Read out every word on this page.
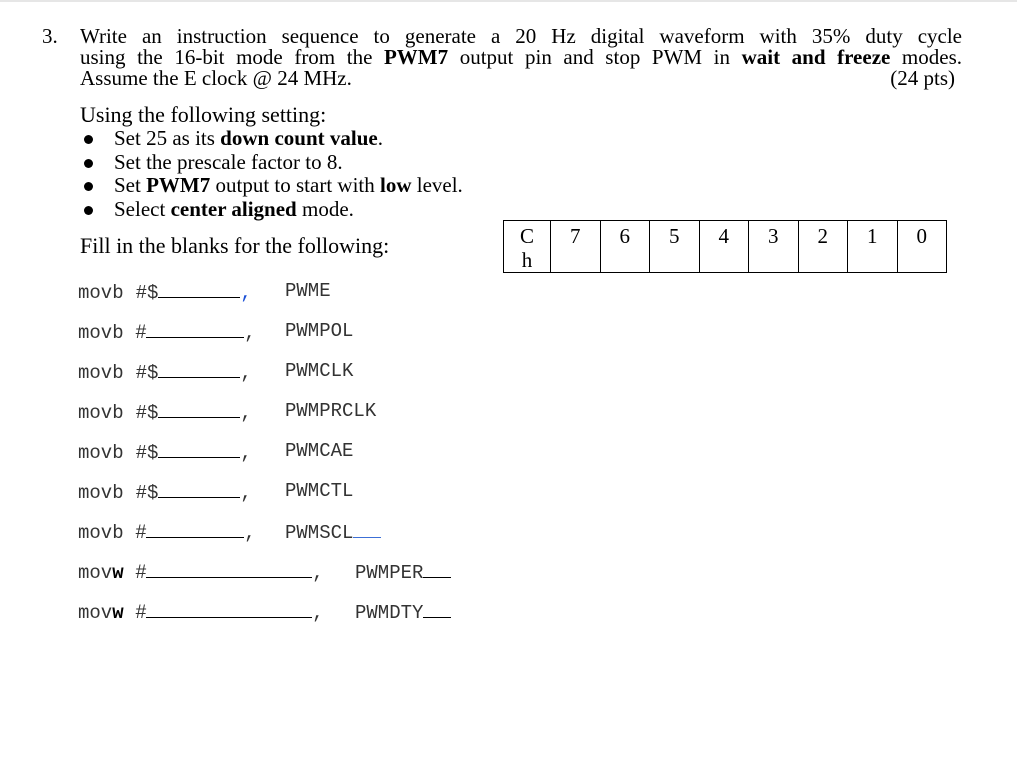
3. Write an instruction sequence to generate a 20 Hz digital waveform with 35% duty cycle
using the 16-bit mode from the PWM7 output pin and stop PWM in wait and freeze modes.
Assume the E clock @ 24 MHz.	(24 pts)
Using the following setting:
Set 25 as its down count value.
Set the prescale factor to 8.
Set PWM7 output to start with low level.
Select center aligned mode.
Fill in the blanks for the following:
movb #$	, PWME
movb #	, PWMPOL
movb #$	, PWMCLK
movb #$	, PWMPRCLK
movb #$	, PWMCAE
movb #$	, PWMCTL
movb #	, PWMSCL
movw #	, PWMPER
movw #	, PWMDTY
C
h

7	6	5	4	3	2	1	0
